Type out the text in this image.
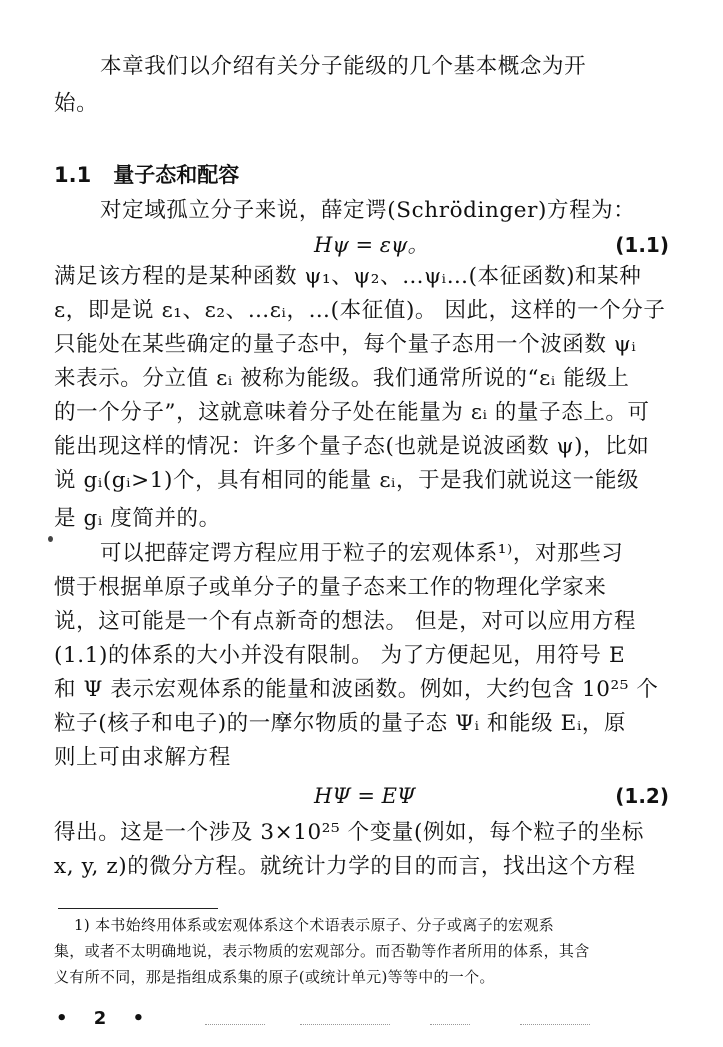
本章我们以介绍有关分子能级的几个基本概念为开
始。
1.1 量子态和配容
对定域孤立分子来说，薛定谔(Schrödinger)方程为：
Hψ = εψ。	(1.1)
满足该方程的是某种函数 ψ₁、ψ₂、…ψᵢ…(本征函数)和某种
ε，即是说 ε₁、ε₂、…εᵢ，…(本征值)。 因此，这样的一个分子
只能处在某些确定的量子态中，每个量子态用一个波函数 ψᵢ
来表示。分立值 εᵢ 被称为能级。我们通常所说的“εᵢ 能级上
的一个分子”，这就意味着分子处在能量为 εᵢ 的量子态上。可
能出现这样的情况：许多个量子态(也就是说波函数 ψ)，比如
说 gᵢ(gᵢ>1)个，具有相同的能量 εᵢ，于是我们就说这一能级
是 gᵢ 度简并的。
可以把薛定谔方程应用于粒子的宏观体系¹⁾，对那些习
惯于根据单原子或单分子的量子态来工作的物理化学家来
说，这可能是一个有点新奇的想法。 但是，对可以应用方程
(1.1)的体系的大小并没有限制。 为了方便起见，用符号 E
和 Ψ 表示宏观体系的能量和波函数。例如，大约包含 10²⁵ 个
粒子(核子和电子)的一摩尔物质的量子态 Ψᵢ 和能级 Eᵢ，原
则上可由求解方程
HΨ = EΨ	(1.2)
得出。这是一个涉及 3×10²⁵ 个变量(例如，每个粒子的坐标
x, y, z)的微分方程。就统计力学的目的而言，找出这个方程
1) 本书始终用体系或宏观体系这个术语表示原子、分子或离子的宏观系
集，或者不太明确地说，表示物质的宏观部分。而否勒等作者所用的体系，其含
义有所不同，那是指组成系集的原子(或统计单元)等等中的一个。
• 2 •
